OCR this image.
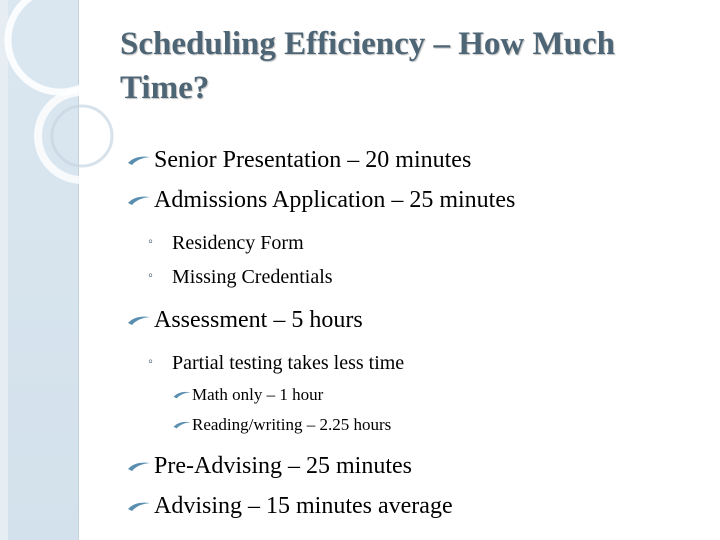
Scheduling Efficiency – How Much Time?
Senior Presentation – 20 minutes
Admissions Application – 25 minutes
◦ Residency Form
◦ Missing Credentials
Assessment – 5 hours
◦ Partial testing takes less time
Math only – 1 hour
Reading/writing – 2.25 hours
Pre-Advising – 25 minutes
Advising – 15 minutes average
